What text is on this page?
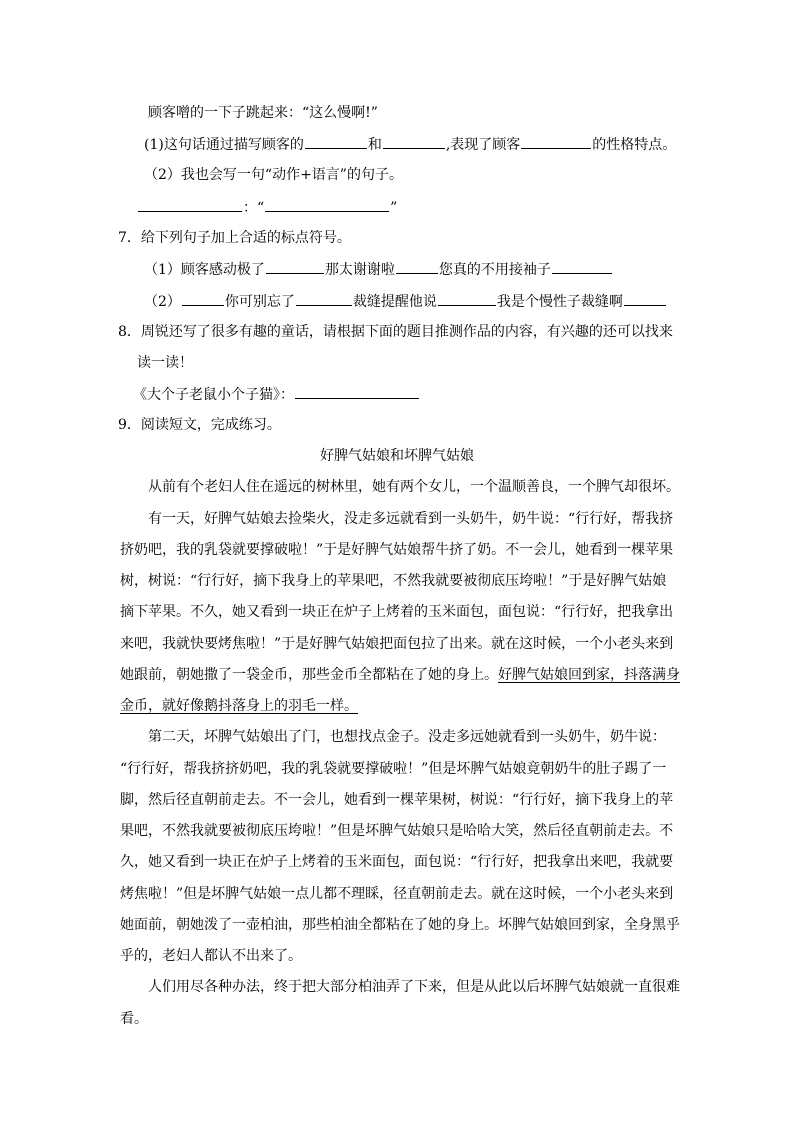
顾客噌的一下子跳起来：“这么慢啊!”
(1)这句话通过描写顾客的	和	,表现了顾客	的性格特点。
（2）我也会写一句“动作+语言”的句子。
：“	”
7．给下列句子加上合适的标点符号。
（1）顾客感动极了	那太谢谢啦	您真的不用接袖子
（2）	你可别忘了	裁缝提醒他说	我是个慢性子裁缝啊
8．周锐还写了很多有趣的童话，请根据下面的题目推测作品的内容，有兴趣的还可以找来
读一读！
《大个子老鼠小个子猫》：
9．阅读短文，完成练习。
好脾气姑娘和坏脾气姑娘
从前有个老妇人住在遥远的树林里，她有两个女儿，一个温顺善良，一个脾气却很坏。
有一天，好脾气姑娘去捡柴火，没走多远就看到一头奶牛，奶牛说：“行行好，帮我挤
挤奶吧，我的乳袋就要撑破啦！”于是好脾气姑娘帮牛挤了奶。不一会儿，她看到一棵苹果
树，树说：“行行好，摘下我身上的苹果吧，不然我就要被彻底压垮啦！”于是好脾气姑娘
摘下苹果。不久，她又看到一块正在炉子上烤着的玉米面包，面包说：“行行好，把我拿出
来吧，我就快要烤焦啦！”于是好脾气姑娘把面包拉了出来。就在这时候，一个小老头来到
她跟前，朝她撒了一袋金币，那些金币全都粘在了她的身上。好脾气姑娘回到家，抖落满身
金币，就好像鹅抖落身上的羽毛一样。
第二天，坏脾气姑娘出了门，也想找点金子。没走多远她就看到一头奶牛，奶牛说：
“行行好，帮我挤挤奶吧，我的乳袋就要撑破啦！”但是坏脾气姑娘竟朝奶牛的肚子踢了一
脚，然后径直朝前走去。不一会儿，她看到一棵苹果树，树说：“行行好，摘下我身上的苹
果吧，不然我就要被彻底压垮啦！”但是坏脾气姑娘只是哈哈大笑，然后径直朝前走去。不
久，她又看到一块正在炉子上烤着的玉米面包，面包说：“行行好，把我拿出来吧，我就要
烤焦啦！”但是坏脾气姑娘一点儿都不理睬，径直朝前走去。就在这时候，一个小老头来到
她面前，朝她泼了一壶柏油，那些柏油全都粘在了她的身上。坏脾气姑娘回到家，全身黑乎
乎的，老妇人都认不出来了。
人们用尽各种办法，终于把大部分柏油弄了下来，但是从此以后坏脾气姑娘就一直很难
看。
